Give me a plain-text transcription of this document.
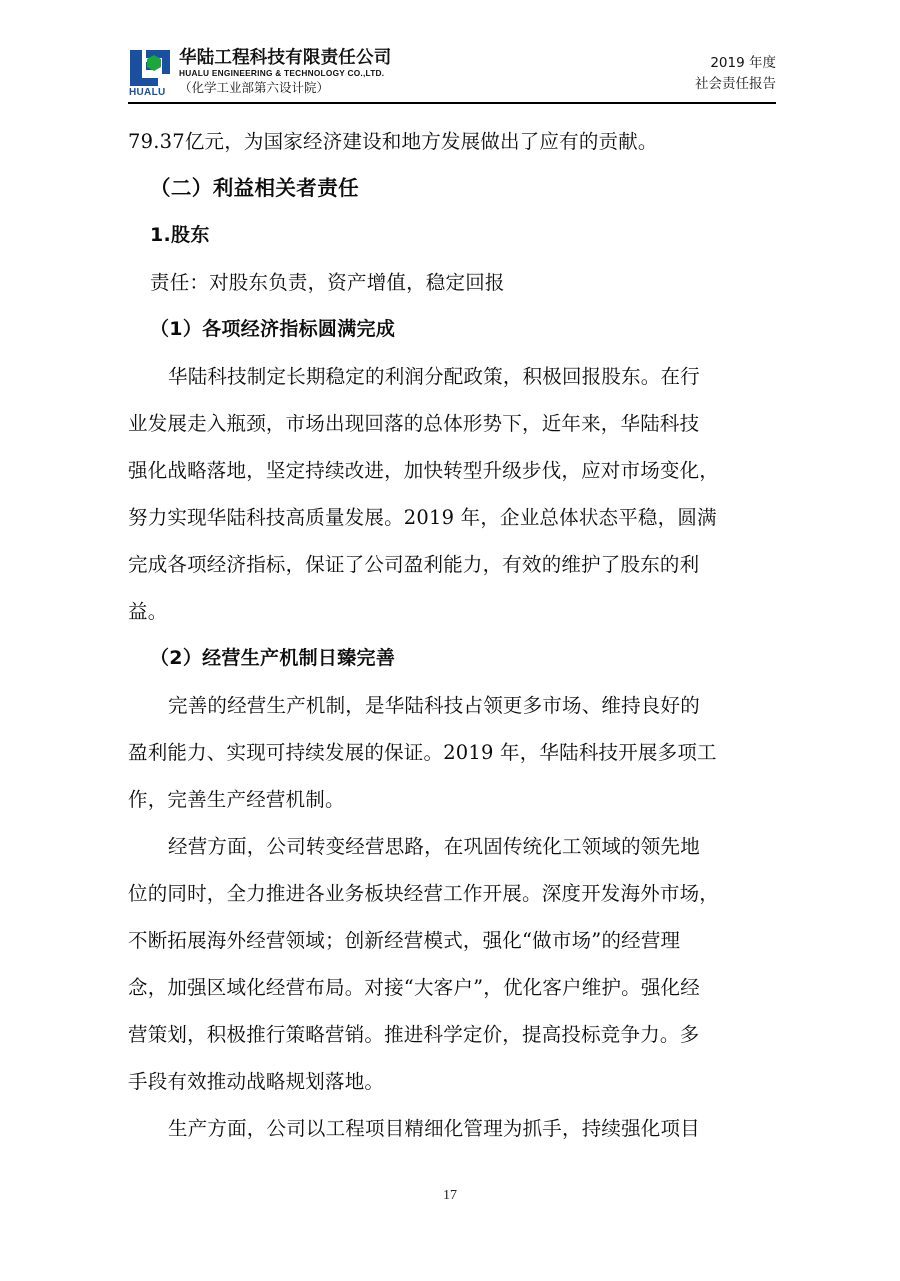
HUALU
华陆工程科技有限责任公司
HUALU ENGINEERING & TECHNOLOGY CO.,LTD.
（化学工业部第六设计院）
2019 年度
社会责任报告
79.37亿元，为国家经济建设和地方发展做出了应有的贡献。
（二）利益相关者责任
1.股东
责任：对股东负责，资产增值，稳定回报
（1）各项经济指标圆满完成
华陆科技制定长期稳定的利润分配政策，积极回报股东。在行
业发展走入瓶颈，市场出现回落的总体形势下，近年来，华陆科技
强化战略落地，坚定持续改进，加快转型升级步伐，应对市场变化，
努力实现华陆科技高质量发展。2019 年，企业总体状态平稳，圆满
完成各项经济指标，保证了公司盈利能力，有效的维护了股东的利
益。
（2）经营生产机制日臻完善
完善的经营生产机制，是华陆科技占领更多市场、维持良好的
盈利能力、实现可持续发展的保证。2019 年，华陆科技开展多项工
作，完善生产经营机制。
经营方面，公司转变经营思路，在巩固传统化工领域的领先地
位的同时，全力推进各业务板块经营工作开展。深度开发海外市场，
不断拓展海外经营领域；创新经营模式，强化“做市场”的经营理
念，加强区域化经营布局。对接“大客户”，优化客户维护。强化经
营策划，积极推行策略营销。推进科学定价，提高投标竞争力。多
手段有效推动战略规划落地。
生产方面，公司以工程项目精细化管理为抓手，持续强化项目
17
